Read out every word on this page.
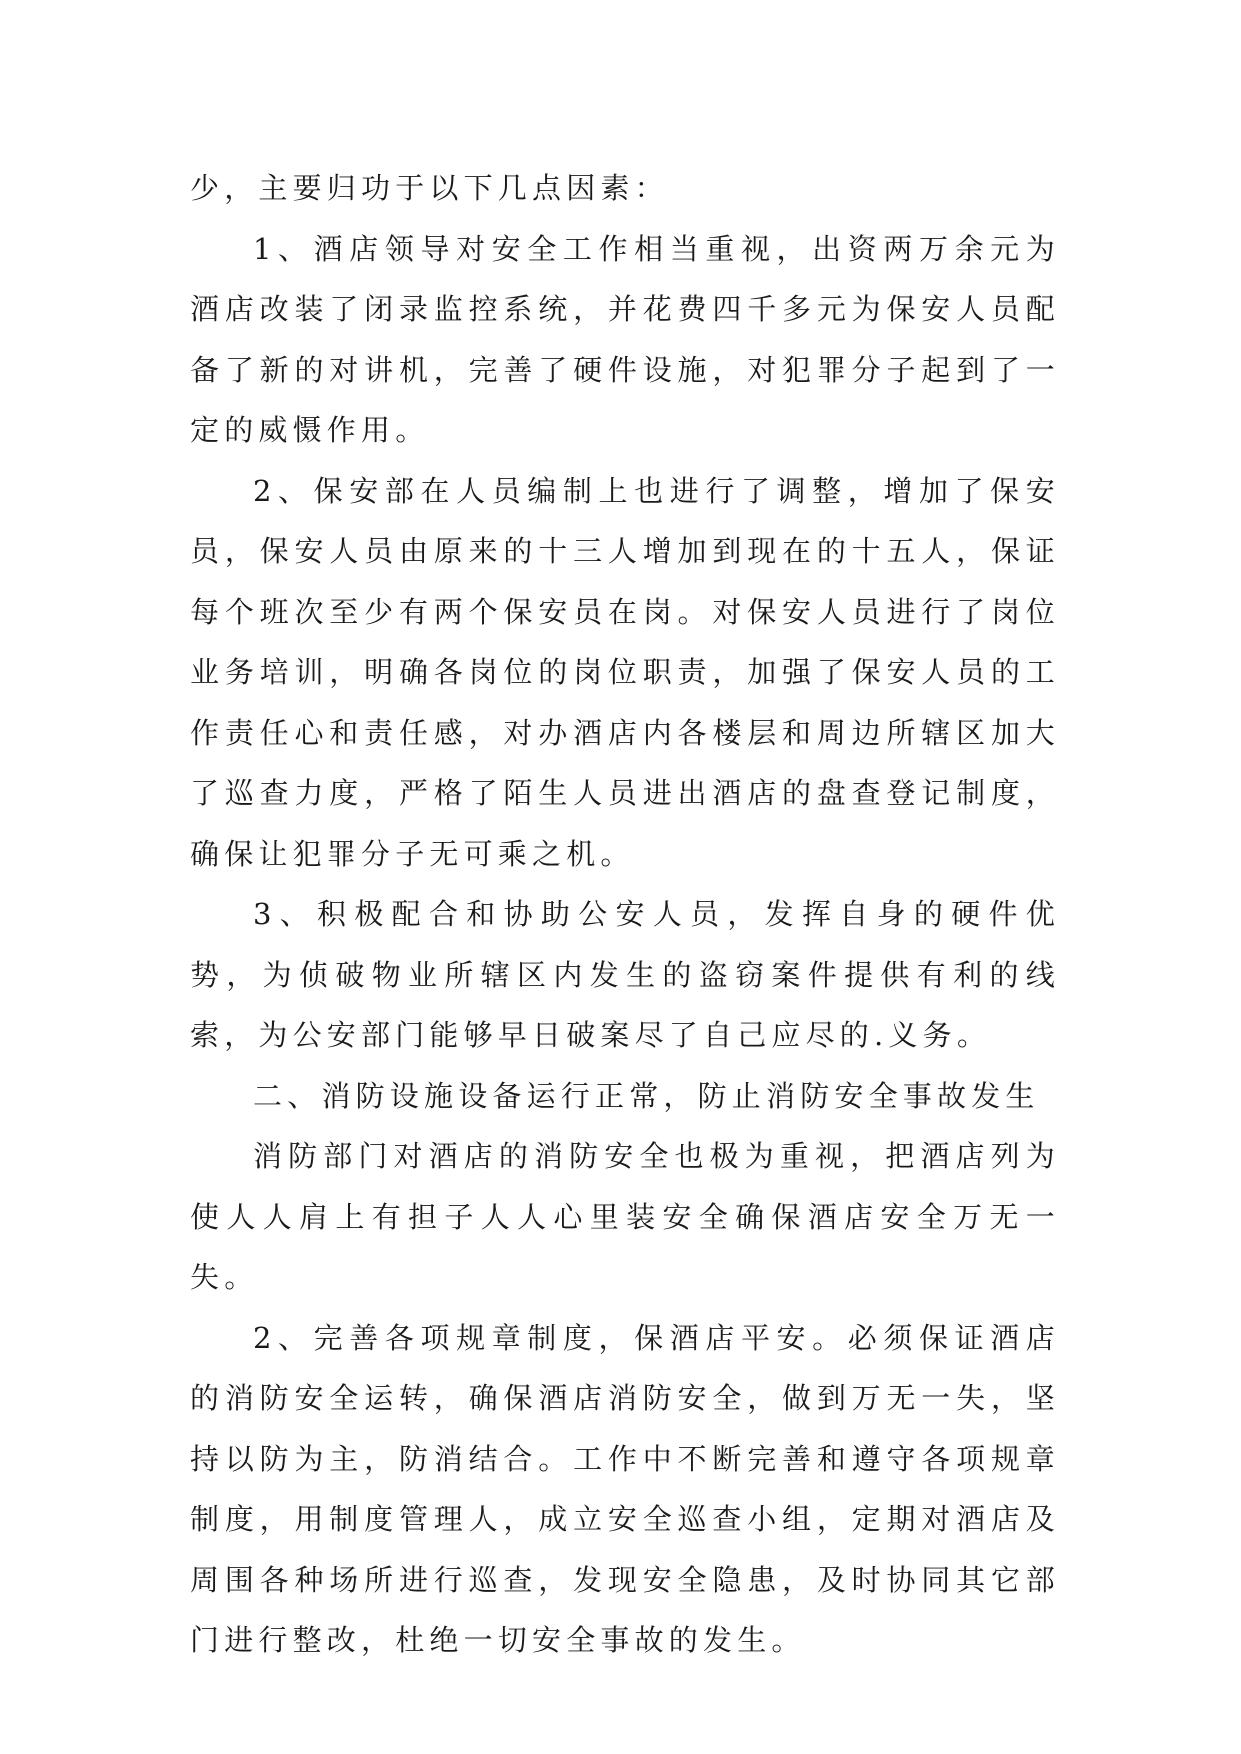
少，主要归功于以下几点因素：

1、酒店领导对安全工作相当重视，出资两万余元为酒店改装了闭录监控系统，并花费四千多元为保安人员配备了新的对讲机，完善了硬件设施，对犯罪分子起到了一定的威慑作用。

2、保安部在人员编制上也进行了调整，增加了保安员，保安人员由原来的十三人增加到现在的十五人，保证每个班次至少有两个保安员在岗。对保安人员进行了岗位业务培训，明确各岗位的岗位职责，加强了保安人员的工作责任心和责任感，对办酒店内各楼层和周边所辖区加大了巡查力度，严格了陌生人员进出酒店的盘查登记制度，确保让犯罪分子无可乘之机。

3、积极配合和协助公安人员，发挥自身的硬件优势，为侦破物业所辖区内发生的盗窃案件提供有利的线索，为公安部门能够早日破案尽了自己应尽的.义务。

二、消防设施设备运行正常，防止消防安全事故发生

消防部门对酒店的消防安全也极为重视，把酒店列为使人人肩上有担子人人心里装安全确保酒店安全万无一失。

2、完善各项规章制度，保酒店平安。必须保证酒店的消防安全运转，确保酒店消防安全，做到万无一失，坚持以防为主，防消结合。工作中不断完善和遵守各项规章制度，用制度管理人，成立安全巡查小组，定期对酒店及周围各种场所进行巡查，发现安全隐患，及时协同其它部门进行整改，杜绝一切安全事故的发生。
